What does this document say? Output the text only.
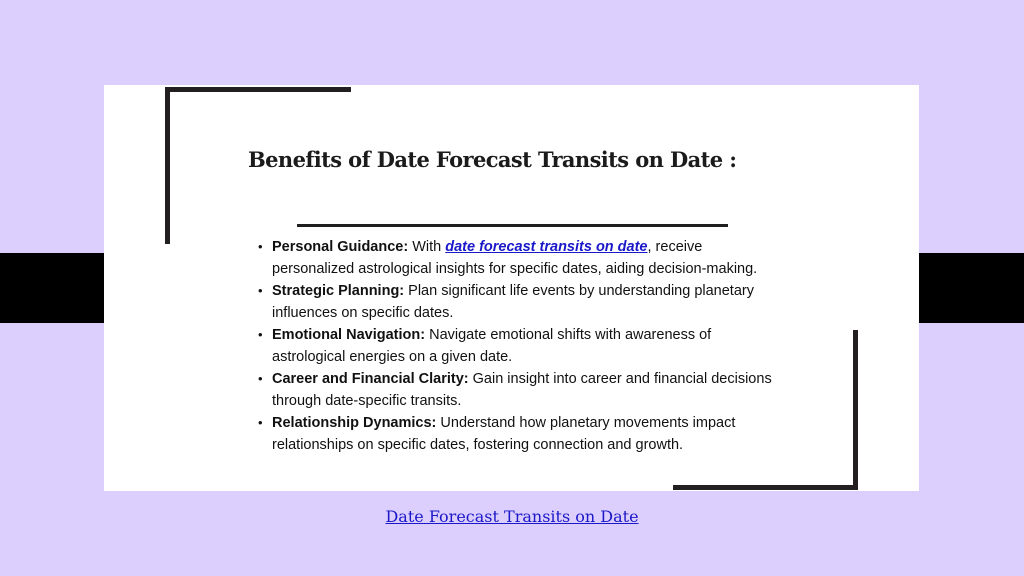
Benefits of Date Forecast Transits on Date :
• Personal Guidance: With date forecast transits on date, receive personalized astrological insights for specific dates, aiding decision-making.
• Strategic Planning: Plan significant life events by understanding planetary influences on specific dates.
• Emotional Navigation: Navigate emotional shifts with awareness of astrological energies on a given date.
• Career and Financial Clarity: Gain insight into career and financial decisions through date-specific transits.
• Relationship Dynamics: Understand how planetary movements impact relationships on specific dates, fostering connection and growth.
Date Forecast Transits on Date
